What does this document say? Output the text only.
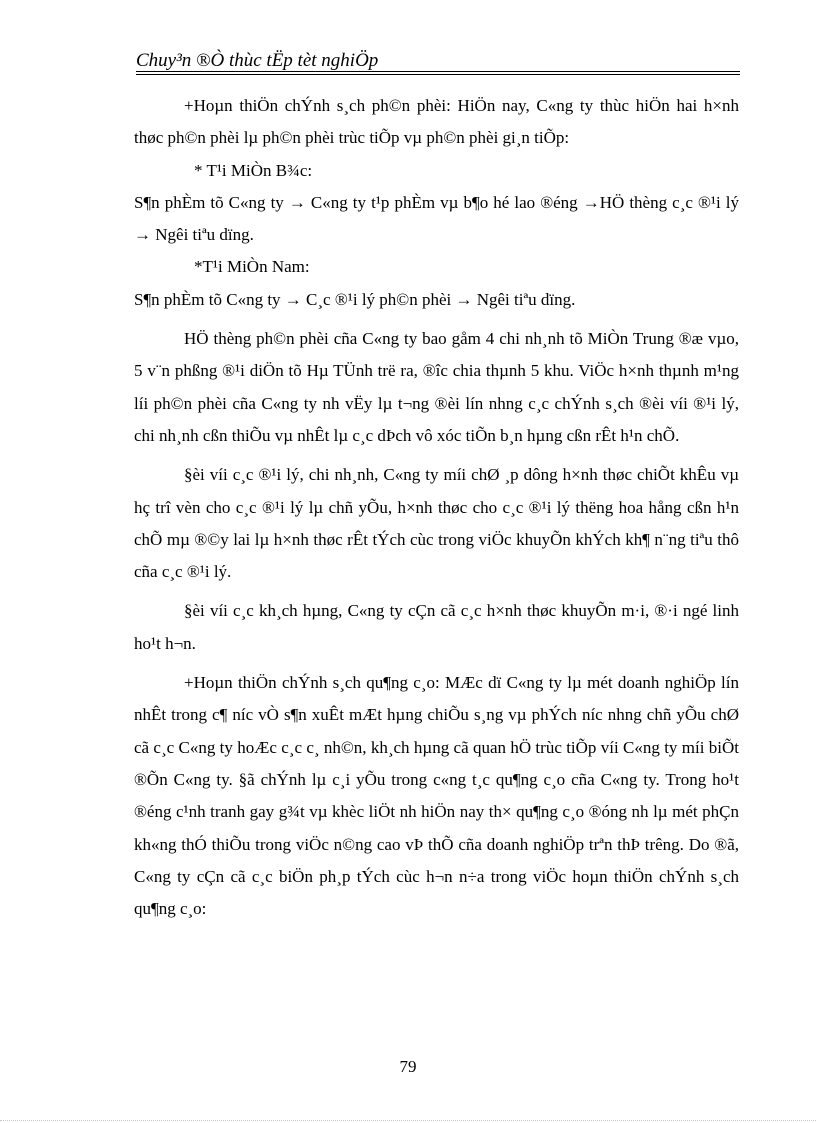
Chuy³n ®Ò thùc tËp tèt nghiÖp

+Hoµn thiÖn chÝnh s¸ch ph©n phèi: HiÖn nay, C«ng ty thùc hiÖn hai h×nh thøc ph©n phèi lµ ph©n phèi trùc tiÕp vµ ph©n phèi gi¸n tiÕp:

* T¹i MiÒn B¾c:

S¶n phÈm tõ C«ng ty → C«ng ty t¹p phÈm vµ b¶o hé lao ®éng →HÖ thèng c¸c ®¹i lý → Ngêi tiªu dïng.

*T¹i MiÒn Nam:

S¶n phÈm tõ C«ng ty → C¸c ®¹i lý ph©n phèi → Ngêi tiªu dïng.

HÖ thèng ph©n phèi cña C«ng ty bao gåm 4 chi nh¸nh tõ MiÒn Trung ®æ vµo, 5 v¨n phßng ®¹i diÖn tõ Hµ TÜnh trë ra, ®îc chia thµnh 5 khu. ViÖc h×nh thµnh m¹ng líi ph©n phèi cña C«ng ty nh vËy lµ t¬ng ®èi lín nhng c¸c chÝnh s¸ch ®èi víi ®¹i lý, chi nh¸nh cßn thiÕu vµ nhÊt lµ c¸c dÞch vô xóc tiÕn b¸n hµng cßn rÊt h¹n chÕ.

§èi víi c¸c ®¹i lý, chi nh¸nh, C«ng ty míi chØ ¸p dông h×nh thøc chiÕt khÊu vµ hç trî vèn cho c¸c ®¹i lý lµ chñ yÕu, h×nh thøc cho c¸c ®¹i lý thëng hoa hång cßn h¹n chÕ mµ ®©y lai lµ h×nh thøc rÊt tÝch cùc trong viÖc khuyÕn khÝch kh¶ n¨ng tiªu thô cña c¸c ®¹i lý.

§èi víi c¸c kh¸ch hµng, C«ng ty cÇn cã c¸c h×nh thøc khuyÕn m·i, ®·i ngé linh ho¹t h¬n.

+Hoµn thiÖn chÝnh s¸ch qu¶ng c¸o: MÆc dï C«ng ty lµ mét doanh nghiÖp lín nhÊt trong c¶ níc vÒ s¶n xuÊt mÆt hµng chiÕu s¸ng vµ phÝch níc nhng chñ yÕu chØ cã c¸c C«ng ty hoÆc c¸c c¸ nh©n, kh¸ch hµng cã quan hÖ trùc tiÕp víi C«ng ty míi biÕt ®Õn C«ng ty. §ã chÝnh lµ c¸i yÕu trong c«ng t¸c qu¶ng c¸o cña C«ng ty. Trong ho¹t ®éng c¹nh tranh gay g¾t vµ khèc liÖt nh hiÖn nay th× qu¶ng c¸o ®óng nh lµ mét phÇn kh«ng thÓ thiÕu trong viÖc n©ng cao vÞ thÕ cña doanh nghiÖp trªn thÞ trêng. Do ®ã, C«ng ty cÇn cã c¸c biÖn ph¸p tÝch cùc h¬n n÷a trong viÖc hoµn thiÖn chÝnh s¸ch qu¶ng c¸o:

79
